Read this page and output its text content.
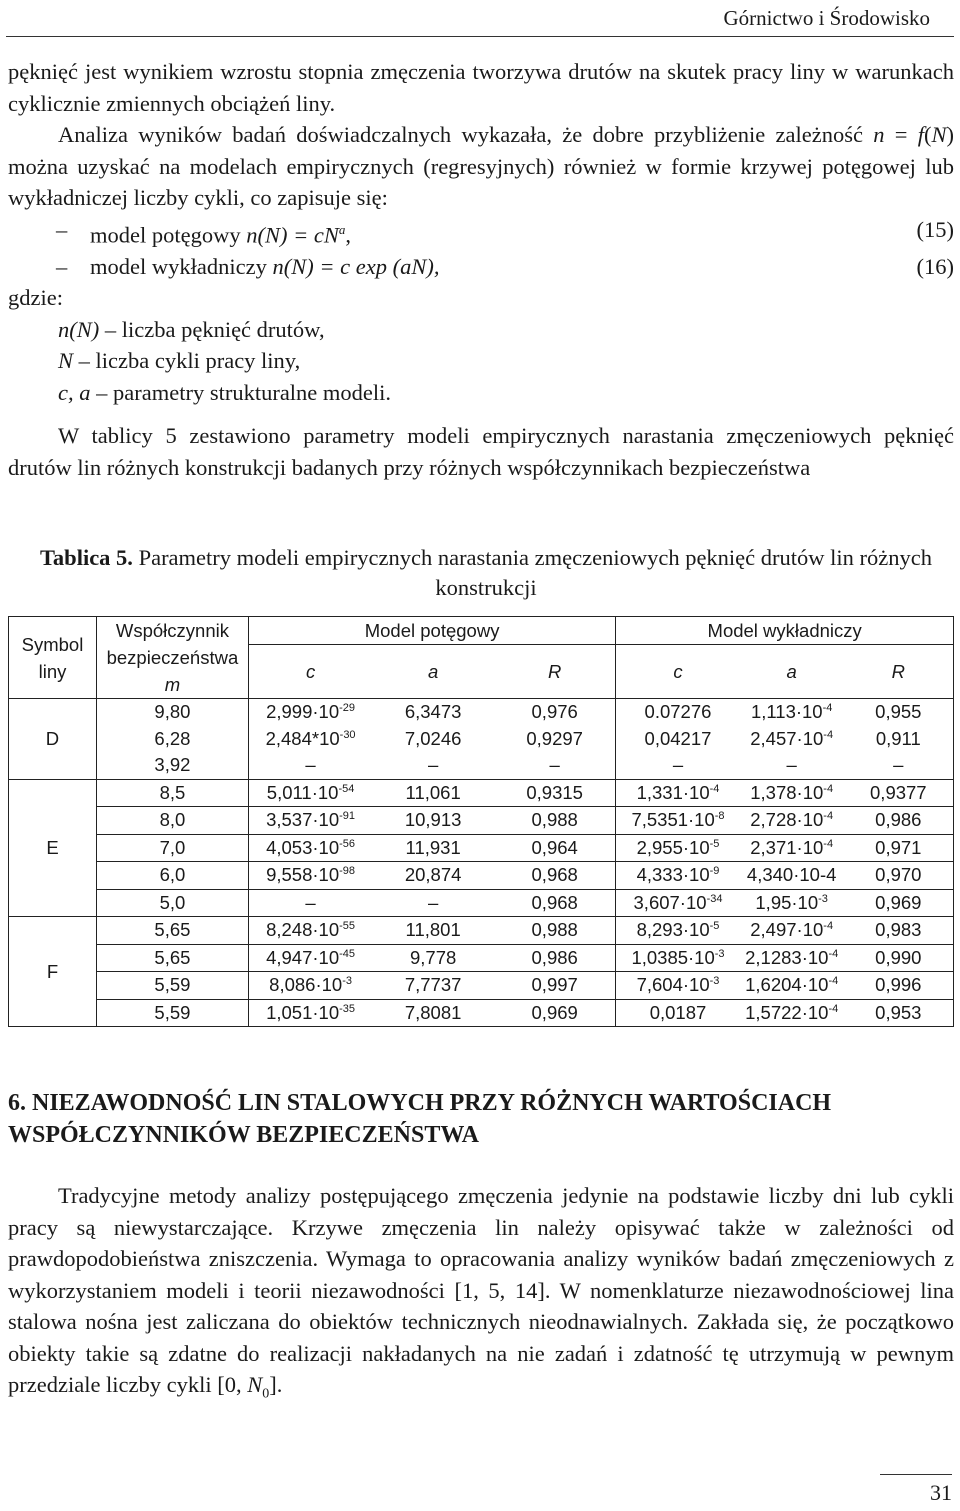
Górnictwo i Środowisko

pęknięć jest wynikiem wzrostu stopnia zmęczenia tworzywa drutów na skutek pracy liny w warunkach cyklicznie zmiennych obciążeń liny.

Analiza wyników badań doświadczalnych wykazała, że dobre przybliżenie zależność n = f(N) można uzyskać na modelach empirycznych (regresyjnych) również w formie krzywej potęgowej lub wykładniczej liczby cykli, co zapisuje się:

– model potęgowy $n(N) = cN^a$,	(15)
– model wykładniczy n(N) = c exp (aN),	(16)
gdzie:
n(N) – liczba pęknięć drutów,
N – liczba cykli pracy liny,
c, a – parametry strukturalne modeli.

W tablicy 5 zestawiono parametry modeli empirycznych narastania zmęczeniowych pęknięć drutów lin różnych konstrukcji badanych przy różnych współczynnikach bezpieczeństwa

Tablica 5. Parametry modeli empirycznych narastania zmęczeniowych pęknięć drutów lin różnych konstrukcji
Symbol liny	Współczynnik bezpieczeństwa
m	Model potęgowy			Model wykładniczy		
		c	a	R	c	a	R

D	9,80	$2,999\cdot 10^{-29}$	6,3473	0,976	0.07276	$1,113\cdot 10^{-4}$	0,955
	6,28	$2,484*10^{-30}$	7,0246	0,9297	0,04217	$2,457\cdot 10^{-4}$	0,911
	3,92	–	–	–	–	–	–
E	8,5	$5,011\cdot 10^{-54}$	11,061	0,9315	$1,331\cdot 10^{-4}$	$1,378\cdot 10^{-4}$	0,9377
	8,0	$3,537\cdot 10^{-91}$	10,913	0,988	$7,5351\cdot 10^{-8}$	$2,728\cdot 10^{-4}$	0,986
	7,0	$4,053\cdot 10^{-56}$	11,931	0,964	$2,955\cdot 10^{-5}$	$2,371\cdot 10^{-4}$	0,971
	6,0	$9,558\cdot 10^{-98}$	20,874	0,968	$4,333\cdot 10^{-9}$	4,340·10-4	0,970
	5,0	–	–	0,968	$3,607\cdot 10^{-34}$	$1,95\cdot 10^{-3}$	0,969
F	5,65	$8,248\cdot 10^{-55}$	11,801	0,988	$8,293\cdot 10^{-5}$	$2,497\cdot 10^{-4}$	0,983
	5,65	$4,947\cdot 10^{-45}$	9,778	0,986	$1,0385\cdot 10^{-3}$	$2,1283\cdot 10^{-4}$	0,990
	5,59	$8,086\cdot 10^{-3}$	7,7737	0,997	$7,604\cdot 10^{-3}$	$1,6204\cdot 10^{-4}$	0,996
	5,59	$1,051\cdot 10^{-35}$	7,8081	0,969	0,0187	$1,5722\cdot 10^{-4}$	0,953
6. NIEZAWODNOŚĆ LIN STALOWYCH PRZY RÓŻNYCH WARTOŚCIACH WSPÓŁCZYNNIKÓW BEZPIECZEŃSTWA

Tradycyjne metody analizy postępującego zmęczenia jedynie na podstawie liczby dni lub cykli pracy są niewystarczające. Krzywe zmęczenia lin należy opisywać także w zależności od prawdopodobieństwa zniszczenia. Wymaga to opracowania analizy wyników badań zmęczeniowych z wykorzystaniem modeli i teorii niezawodności [1, 5, 14]. W nomenklaturze niezawodnościowej lina stalowa nośna jest zaliczana do obiektów technicznych nieodnawialnych. Zakłada się, że początkowo obiekty takie są zdatne do realizacji nakładanych na nie zadań i zdatność tę utrzymują w pewnym przedziale liczby cykli [0, $N_0$].

31
